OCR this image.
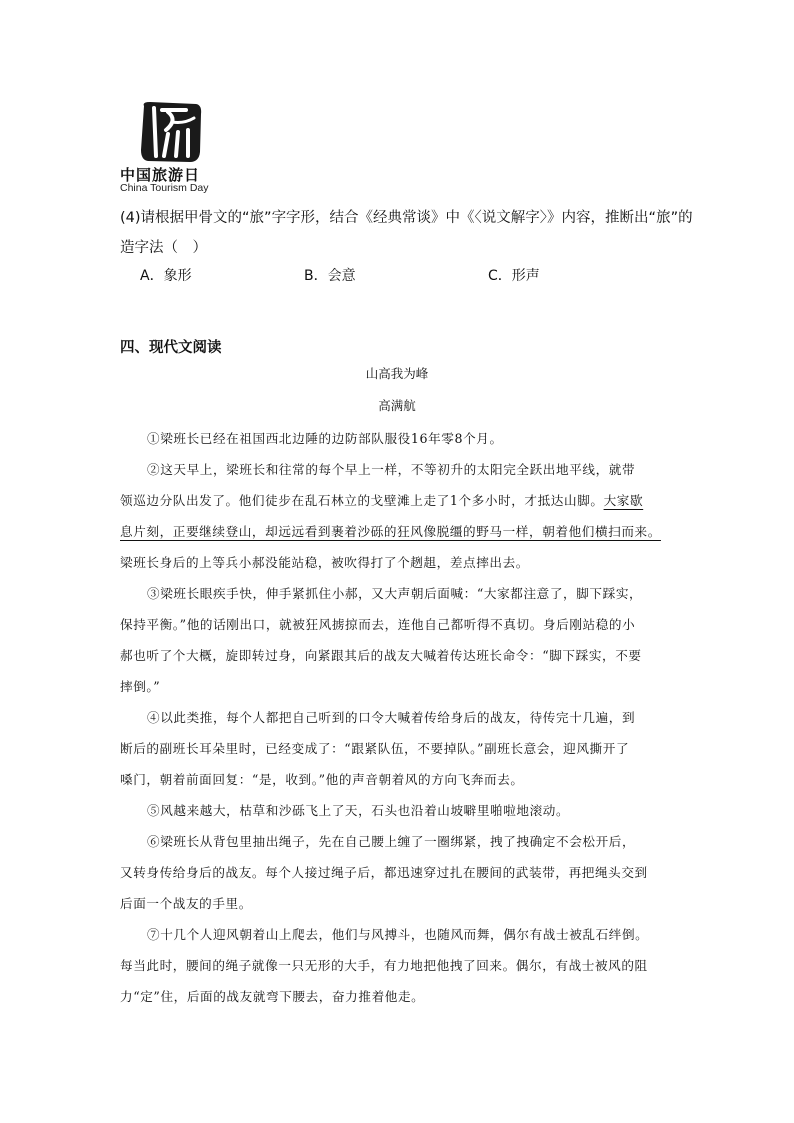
中国旅游日
China Tourism Day
(4)请根据甲骨文的“旅”字字形，结合《经典常谈》中《〈说文解字〉》内容，推断出“旅”的
造字法（　）
A．象形	B．会意	C．形声
四、现代文阅读
山高我为峰
高满航

①梁班长已经在祖国西北边陲的边防部队服役16年零8个月。

②这天早上，梁班长和往常的每个早上一样，不等初升的太阳完全跃出地平线，就带
领巡边分队出发了。他们徒步在乱石林立的戈壁滩上走了1个多小时，才抵达山脚。大家歇
息片刻，正要继续登山，却远远看到裹着沙砾的狂风像脱缰的野马一样，朝着他们横扫而来。
梁班长身后的上等兵小郝没能站稳，被吹得打了个趔趄，差点摔出去。

③梁班长眼疾手快，伸手紧抓住小郝，又大声朝后面喊：“大家都注意了，脚下踩实，
保持平衡。”他的话刚出口，就被狂风掳掠而去，连他自己都听得不真切。身后刚站稳的小
郝也听了个大概，旋即转过身，向紧跟其后的战友大喊着传达班长命令：“脚下踩实，不要
摔倒。”

④以此类推，每个人都把自己听到的口令大喊着传给身后的战友，待传完十几遍，到
断后的副班长耳朵里时，已经变成了：“跟紧队伍，不要掉队。”副班长意会，迎风撕开了
嗓门，朝着前面回复：“是，收到。”他的声音朝着风的方向飞奔而去。

⑤风越来越大，枯草和沙砾飞上了天，石头也沿着山坡噼里啪啦地滚动。

⑥梁班长从背包里抽出绳子，先在自己腰上缠了一圈绑紧，拽了拽确定不会松开后，
又转身传给身后的战友。每个人接过绳子后，都迅速穿过扎在腰间的武装带，再把绳头交到
后面一个战友的手里。

⑦十几个人迎风朝着山上爬去，他们与风搏斗，也随风而舞，偶尔有战士被乱石绊倒。
每当此时，腰间的绳子就像一只无形的大手，有力地把他拽了回来。偶尔，有战士被风的阻
力“定”住，后面的战友就弯下腰去，奋力推着他走。
